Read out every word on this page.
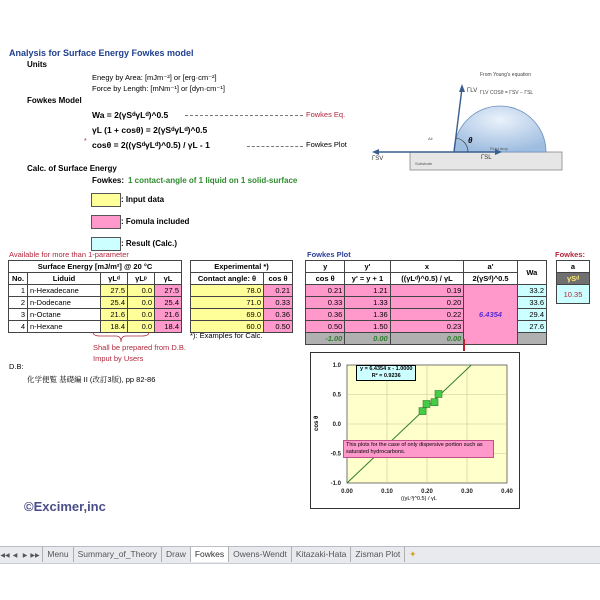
Analysis for Surface Energy Fowkes model
Units
Enegy by Area: [mJm⁻²] or [erg·cm⁻²]
Force by Length: [mNm⁻¹] or [dyn·cm⁻¹]
Fowkes Model
Wa = 2(γSᵈγLᵈ)^0.5	Fowkes Eq.
γL (1 + cosθ) = 2(γSᵈγLᵈ)^0.5
* cosθ = 2((γSᵈγLᵈ)^0.5) / γL - 1	Fowkes Plot
From Young's equation
ΓLV COSθ = ΓSV − ΓSL
ΓLV
ΓSV	ΓSL
θ
Air
Fluid drop
Substrate
Calc. of Surface Energy
Fowkes: 1 contact-angle of 1 liquid on 1 solid-surface
: Input data
: Fomula included
: Result (Calc.)
Available for more than 1-parameter
Surface Energy [mJ/m²] @ 20 °C				
No.	Liduid	γLᵈ	γLᵖ	γL
1	n-Hexadecane	27.5	0.0	27.5
2	n-Dodecane	25.4	0.0	25.4
3	n-Octane	21.6	0.0	21.6
4	n-Hexane	18.4	0.0	18.4
Shall be prepared from D.B.
Imput by Users
Experimental *)	
Contact angle: θ	cos θ
78.0	0.21
71.0	0.33
69.0	0.36
60.0	0.50
*): Examples for Calc.
Fowkes Plot
y	y'	x	a'	Wa
cos θ	y' = y + 1	((γLᵈ)^0.5) / γL	2(γSᵈ)^0.5	
0.21	1.21	0.19	6.4354	33.2
0.33	1.33	0.20		33.6
0.36	1.36	0.22		29.4
0.50	1.50	0.23		27.6
-1.00	0.00	0.00		
Fowkes:
a
γSᵈ
10.35
D.B:
化学便覧 基礎編 II (改訂3版), pp 82-86
1.0
0.5
0.0
-0.5
-1.0
0.00	0.10	0.20	0.30	0.40
y = 6.4354 x - 1.0000
R² = 0.9236
This plots for the case of only dispersive portion such as saturated hydrocarbons.
cos θ
((γLᵈ)^0.5) / γL
©Excimer,inc
◀◀ ◀ ▶ ▶▶ Menu Summary_of_Theory Draw Fowkes Owens-Wendt Kitazaki-Hata Zisman Plot ✦
